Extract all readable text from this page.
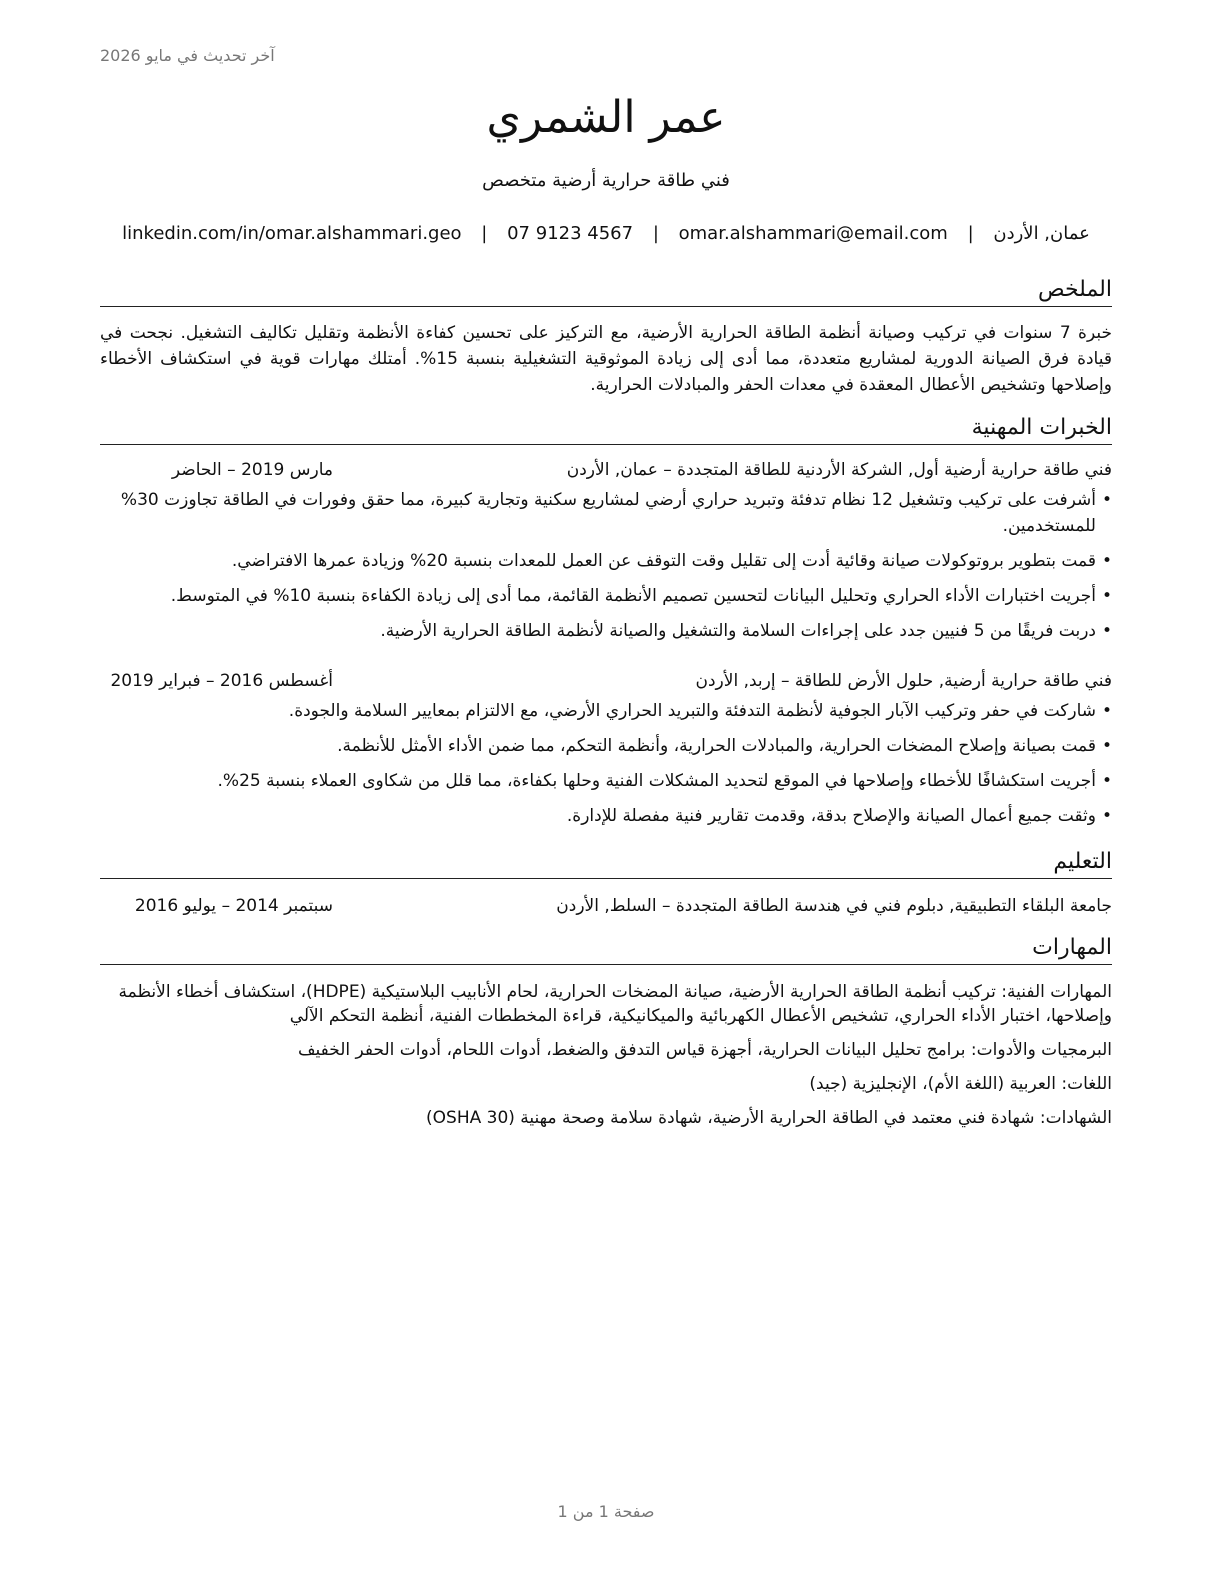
آخر تحديث في مايو 2026
عمر الشمري
فني طاقة حرارية أرضية متخصص
عمان, الأردن | omar.alshammari@email.com | 07 9123 4567 | linkedin.com/in/omar.alshammari.geo
الملخص
خبرة 7 سنوات في تركيب وصيانة أنظمة الطاقة الحرارية الأرضية، مع التركيز على تحسين كفاءة الأنظمة وتقليل تكاليف التشغيل. نجحت في قيادة فرق الصيانة الدورية لمشاريع متعددة، مما أدى إلى زيادة الموثوقية التشغيلية بنسبة 15%. أمتلك مهارات قوية في استكشاف الأخطاء وإصلاحها وتشخيص الأعطال المعقدة في معدات الحفر والمبادلات الحرارية.
الخبرات المهنية
فني طاقة حرارية أرضية أول, الشركة الأردنية للطاقة المتجددة – عمان, الأردن
مارس 2019 – الحاضر
•
أشرفت على تركيب وتشغيل 12 نظام تدفئة وتبريد حراري أرضي لمشاريع سكنية وتجارية كبيرة، مما حقق وفورات في الطاقة تجاوزت 30% للمستخدمين.
•
قمت بتطوير بروتوكولات صيانة وقائية أدت إلى تقليل وقت التوقف عن العمل للمعدات بنسبة 20% وزيادة عمرها الافتراضي.
•
أجريت اختبارات الأداء الحراري وتحليل البيانات لتحسين تصميم الأنظمة القائمة، مما أدى إلى زيادة الكفاءة بنسبة 10% في المتوسط.
•
دربت فريقًا من 5 فنيين جدد على إجراءات السلامة والتشغيل والصيانة لأنظمة الطاقة الحرارية الأرضية.
فني طاقة حرارية أرضية, حلول الأرض للطاقة – إربد, الأردن
أغسطس 2016 – فبراير 2019
•
شاركت في حفر وتركيب الآبار الجوفية لأنظمة التدفئة والتبريد الحراري الأرضي، مع الالتزام بمعايير السلامة والجودة.
•
قمت بصيانة وإصلاح المضخات الحرارية، والمبادلات الحرارية، وأنظمة التحكم، مما ضمن الأداء الأمثل للأنظمة.
•
أجريت استكشافًا للأخطاء وإصلاحها في الموقع لتحديد المشكلات الفنية وحلها بكفاءة، مما قلل من شكاوى العملاء بنسبة 25%.
•
وثقت جميع أعمال الصيانة والإصلاح بدقة، وقدمت تقارير فنية مفصلة للإدارة.
التعليم
جامعة البلقاء التطبيقية, دبلوم فني في هندسة الطاقة المتجددة – السلط, الأردن
سبتمبر 2014 – يوليو 2016
المهارات
المهارات الفنية: تركيب أنظمة الطاقة الحرارية الأرضية، صيانة المضخات الحرارية، لحام الأنابيب البلاستيكية (HDPE)، استكشاف أخطاء الأنظمة وإصلاحها، اختبار الأداء الحراري، تشخيص الأعطال الكهربائية والميكانيكية، قراءة المخططات الفنية، أنظمة التحكم الآلي
البرمجيات والأدوات: برامج تحليل البيانات الحرارية، أجهزة قياس التدفق والضغط، أدوات اللحام، أدوات الحفر الخفيف
اللغات: العربية (اللغة الأم)، الإنجليزية (جيد)
الشهادات: شهادة فني معتمد في الطاقة الحرارية الأرضية، شهادة سلامة وصحة مهنية (OSHA 30)
صفحة 1 من 1
